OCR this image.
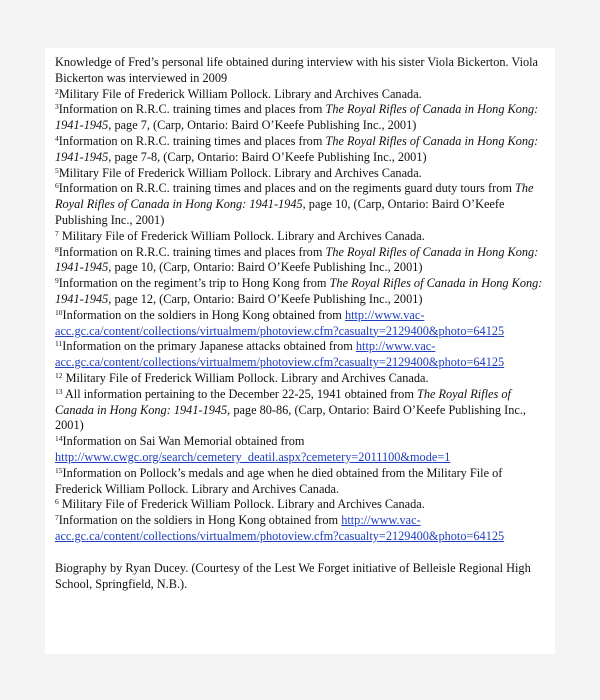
Knowledge of Fred’s personal life obtained during interview with his sister Viola Bickerton. Viola Bickerton was interviewed in 2009

$^2$Military File of Frederick William Pollock. Library and Archives Canada.

$^3$Information on R.R.C. training times and places from The Royal Rifles of Canada in Hong Kong: 1941-1945, page 7, (Carp, Ontario: Baird O’Keefe Publishing Inc., 2001)

$^4$Information on R.R.C. training times and places from The Royal Rifles of Canada in Hong Kong: 1941-1945, page 7-8, (Carp, Ontario: Baird O’Keefe Publishing Inc., 2001)

$^5$Military File of Frederick William Pollock. Library and Archives Canada.

$^6$Information on R.R.C. training times and places and on the regiments guard duty tours from The Royal Rifles of Canada in Hong Kong: 1941-1945, page 10, (Carp, Ontario: Baird O’Keefe Publishing Inc., 2001)

$^7$ Military File of Frederick William Pollock. Library and Archives Canada.

$^8$Information on R.R.C. training times and places from The Royal Rifles of Canada in Hong Kong: 1941-1945, page 10, (Carp, Ontario: Baird O’Keefe Publishing Inc., 2001)

$^9$Information on the regiment’s trip to Hong Kong from The Royal Rifles of Canada in Hong Kong: 1941-1945, page 12, (Carp, Ontario: Baird O’Keefe Publishing Inc., 2001)

$^{10}$Information on the soldiers in Hong Kong obtained from http://www.vac-acc.gc.ca/content/collections/virtualmem/photoview.cfm?casualty=2129400&photo=64125

$^{11}$Information on the primary Japanese attacks obtained from http://www.vac-acc.gc.ca/content/collections/virtualmem/photoview.cfm?casualty=2129400&photo=64125

$^{12}$ Military File of Frederick William Pollock. Library and Archives Canada.

$^{13}$ All information pertaining to the December 22-25, 1941 obtained from The Royal Rifles of Canada in Hong Kong: 1941-1945, page 80-86, (Carp, Ontario: Baird O’Keefe Publishing Inc., 2001)

$^{14}$Information on Sai Wan Memorial obtained from http://www.cwgc.org/search/cemetery_deatil.aspx?cemetery=2011100&mode=1

$^{15}$Information on Pollock’s medals and age when he died obtained from the Military File of Frederick William Pollock. Library and Archives Canada.

$^6$ Military File of Frederick William Pollock. Library and Archives Canada.

$^7$Information on the soldiers in Hong Kong obtained from http://www.vac-acc.gc.ca/content/collections/virtualmem/photoview.cfm?casualty=2129400&photo=64125

Biography by Ryan Ducey. (Courtesy of the Lest We Forget initiative of Belleisle Regional High School, Springfield, N.B.).
